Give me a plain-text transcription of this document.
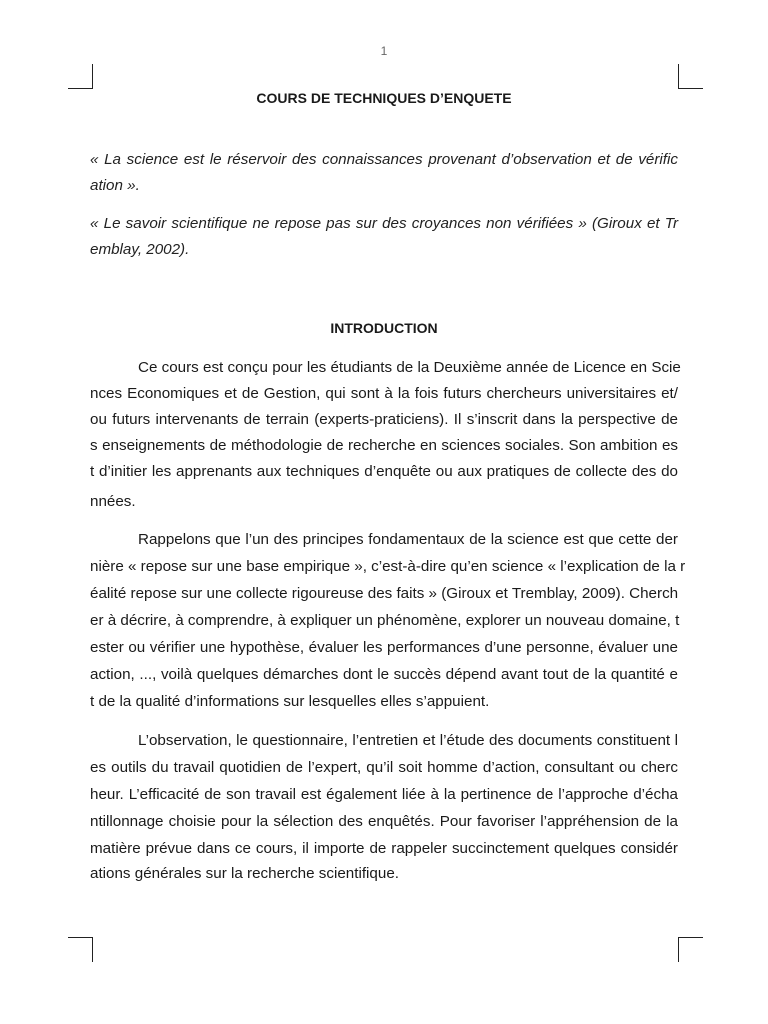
1
COURS DE TECHNIQUES D’ENQUETE
« La science est le réservoir des connaissances provenant d’observation et de vérific
ation ».
« Le savoir scientifique ne repose pas sur des croyances non vérifiées » (Giroux et Tr
emblay, 2002).
INTRODUCTION
Ce cours est conçu pour les étudiants de la Deuxième année de Licence en Scie
nces Economiques et de Gestion, qui sont à la fois futurs chercheurs universitaires et/
ou futurs intervenants de terrain (experts-praticiens). Il s’inscrit dans la perspective de
s enseignements de méthodologie de recherche en sciences sociales. Son ambition es
t d’initier les apprenants aux techniques d’enquête ou aux pratiques de collecte des do
nnées.
Rappelons que l’un des principes fondamentaux de la science est que cette der
nière « repose sur une base empirique », c’est-à-dire qu’en science « l’explication de la r
éalité repose sur une collecte rigoureuse des faits » (Giroux et Tremblay, 2009). Cherch
er à décrire, à comprendre, à expliquer un phénomène, explorer un nouveau domaine, t
ester ou vérifier une hypothèse, évaluer les performances d’une personne, évaluer une
action, ..., voilà quelques démarches dont le succès dépend avant tout de la quantité e
t de la qualité d’informations sur lesquelles elles s’appuient.
L’observation, le questionnaire, l’entretien et l’étude des documents constituent l
es outils du travail quotidien de l’expert, qu’il soit homme d’action, consultant ou cherc
heur. L’efficacité de son travail est également liée à la pertinence de l’approche d’écha
ntillonnage choisie pour la sélection des enquêtés. Pour favoriser l’appréhension de la
matière prévue dans ce cours, il importe de rappeler succinctement quelques considér
ations générales sur la recherche scientifique.
